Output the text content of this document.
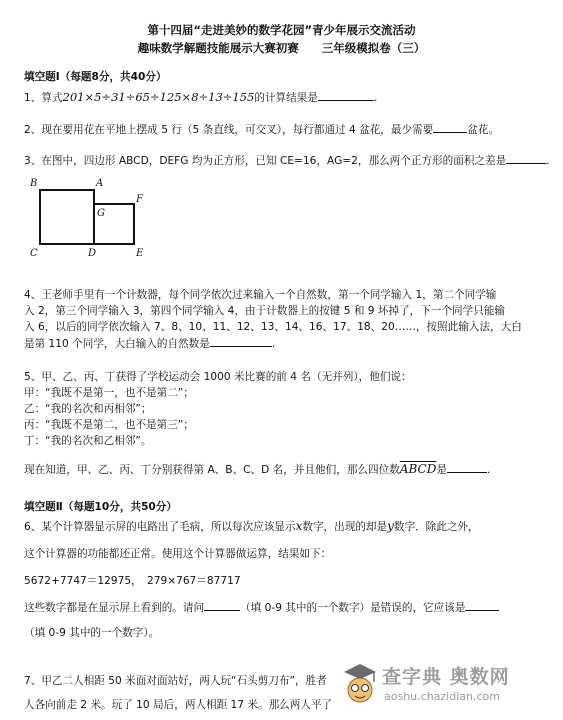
第十四届“走进美妙的数学花园”青少年展示交流活动
趣味数学解题技能展示大赛初赛　　三年级模拟卷（三）
填空题Ⅰ（每题8分，共40分）
1、算式201×5÷31÷65÷125×8÷13÷155的计算结果是	.
2、现在要用花在平地上摆成 5 行（5 条直线，可交叉），每行都通过 4 盆花，最少需要	盆花。
3、在图中，四边形 ABCD，DEFG 均为正方形，已知 CE=16，AG=2，那么两个正方形的面积之差是	.
B	A
F
G
C	D	E
4、王老师手里有一个计数器，每个同学依次过来输入一个自然数，第一个同学输入 1，第二个同学输
入 2，第三个同学输入 3，第四个同学输入 4，由于计数器上的按键 5 和 9 坏掉了，下一个同学只能输
入 6，以后的同学依次输入 7、8、10、11、12、13、14、16、17、18、20……，按照此输入法，大白
是第 110 个同学，大白输入的自然数是	.
5、甲、乙、丙、丁获得了学校运动会 1000 米比赛的前 4 名（无并列），他们说：
甲：“我既不是第一，也不是第二”；
乙：“我的名次和丙相邻”；
丙：“我既不是第二，也不是第三”；
丁：“我的名次和乙相邻”。
现在知道，甲、乙、丙、丁分别获得第 A、B、C、D 名，并且他们，那么四位数ABCD是	.
填空题Ⅱ（每题10分，共50分）
6、某个计算器显示屏的电路出了毛病，所以每次应该显示x数字，出现的却是y数字．除此之外，
这个计算器的功能都还正常。使用这个计算器做运算，结果如下：
5672+7747＝12975，　279×767＝87717
这些数字都是在显示屏上看到的。请问	（填 0-9 其中的一个数字）是错误的，它应该是
（填 0-9 其中的一个数字）。
7、甲乙二人相距 50 米面对面站好，两人玩“石头剪刀布”，胜者
人各向前走 2 米。玩了 10 局后，两人相距 17 米。那么两人平了
查字典 奥数网
aoshu.chazidian.com
